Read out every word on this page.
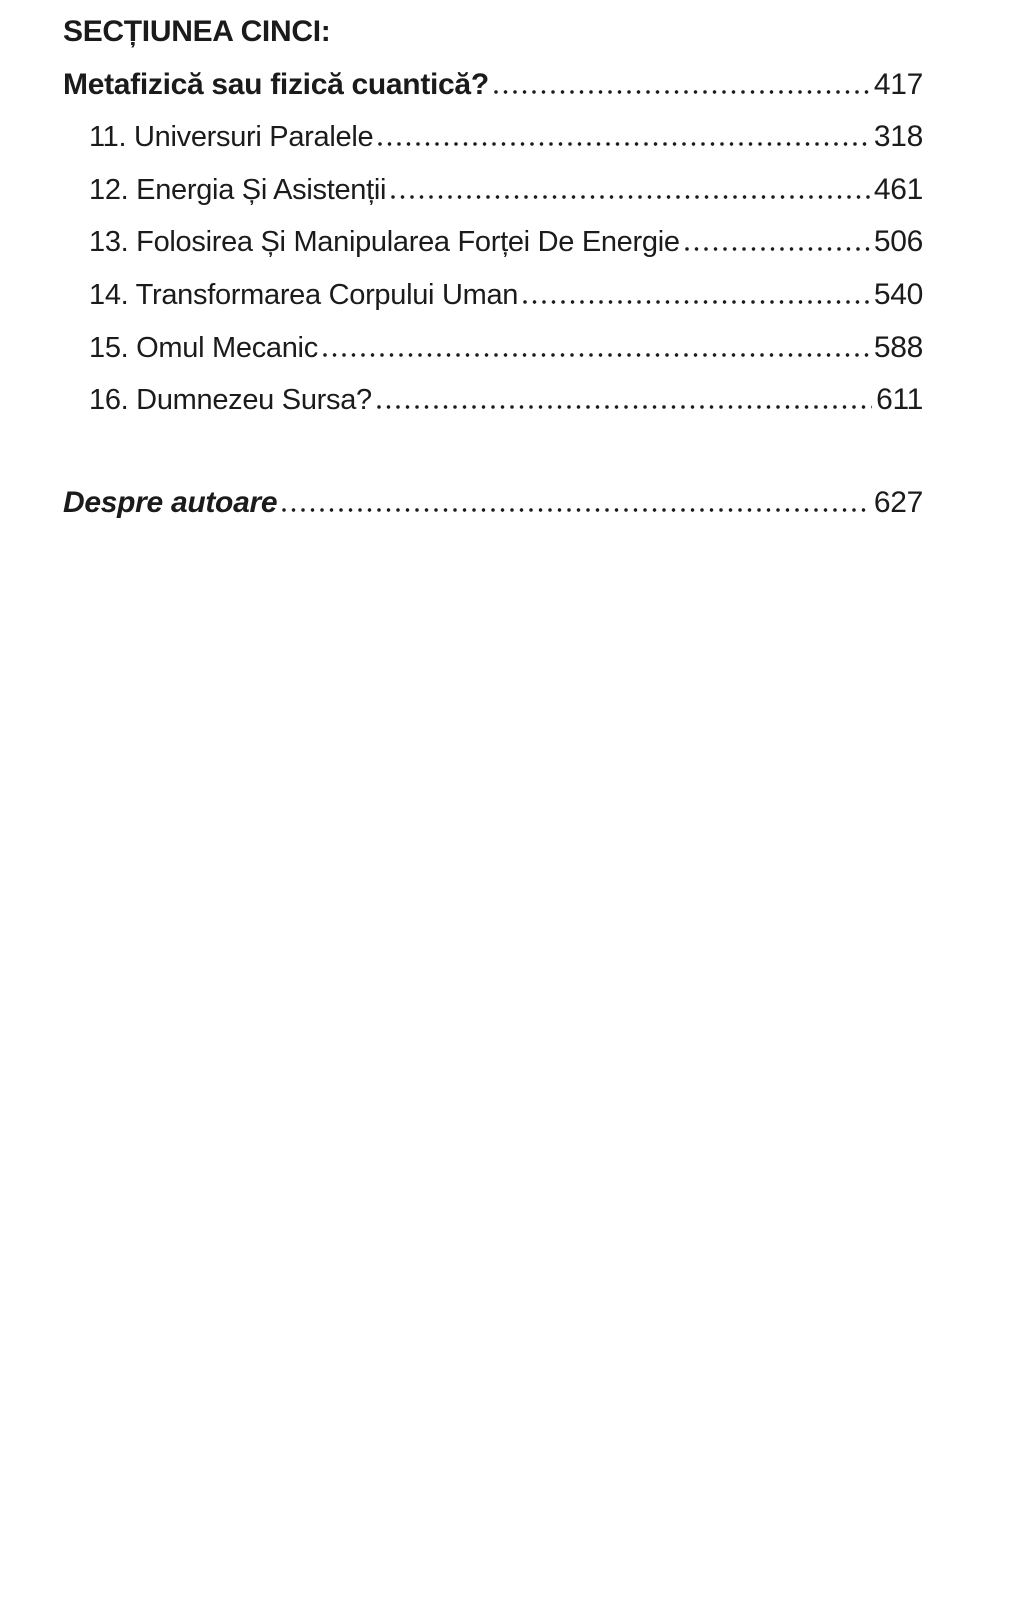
SECȚIUNEA CINCI:
Metafizică sau fizică cuantică?	417
11. Universuri Paralele	318
12. Energia Și Asistenții	461
13. Folosirea Și Manipularea Forței De Energie	506
14. Transformarea Corpului Uman	540
15. Omul Mecanic	588
16. Dumnezeu Sursa?	611
Despre autoare	627
